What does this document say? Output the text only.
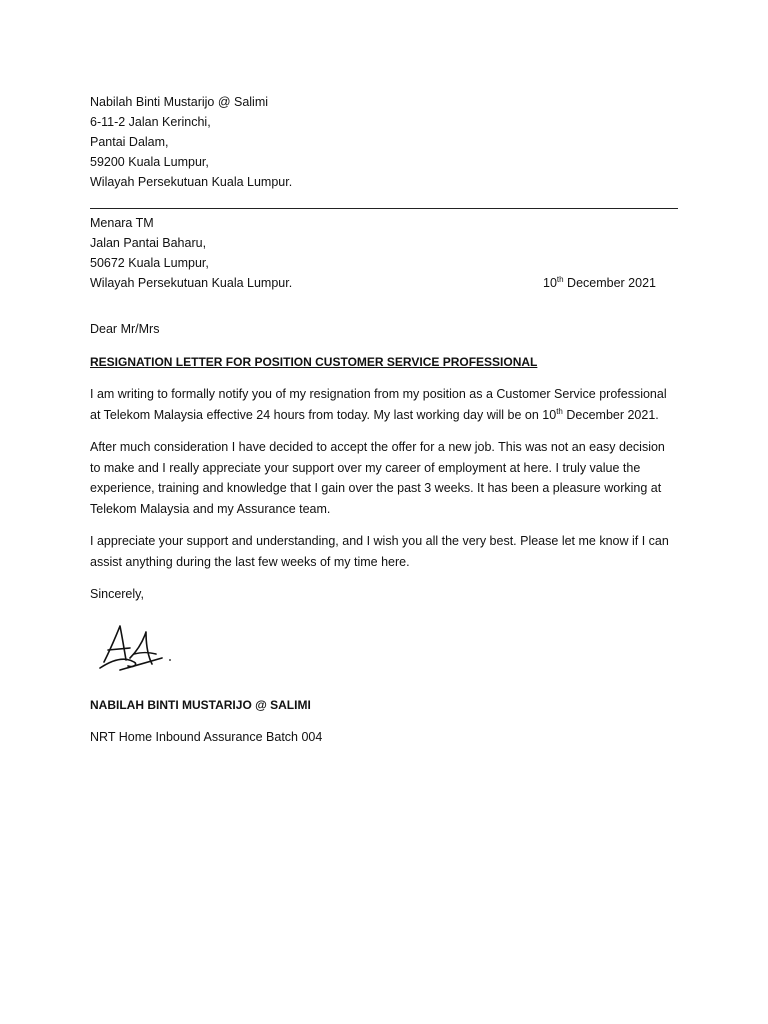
Nabilah Binti Mustarijo @ Salimi
6-11-2 Jalan Kerinchi,
Pantai Dalam,
59200 Kuala Lumpur,
Wilayah Persekutuan Kuala Lumpur.
Menara TM
Jalan Pantai Baharu,
50672 Kuala Lumpur,
Wilayah Persekutuan Kuala Lumpur.	10th December 2021
Dear Mr/Mrs
RESIGNATION LETTER FOR POSITION CUSTOMER SERVICE PROFESSIONAL
I am writing to formally notify you of my resignation from my position as a Customer Service professional at Telekom Malaysia effective 24 hours from today. My last working day will be on 10th December 2021.
After much consideration I have decided to accept the offer for a new job. This was not an easy decision to make and I really appreciate your support over my career of employment at here. I truly value the experience, training and knowledge that I gain over the past 3 weeks. It has been a pleasure working at Telekom Malaysia and my Assurance team.
I appreciate your support and understanding, and I wish you all the very best. Please let me know if I can assist anything during the last few weeks of my time here.
Sincerely,
NABILAH BINTI MUSTARIJO @ SALIMI
NRT Home Inbound Assurance Batch 004
